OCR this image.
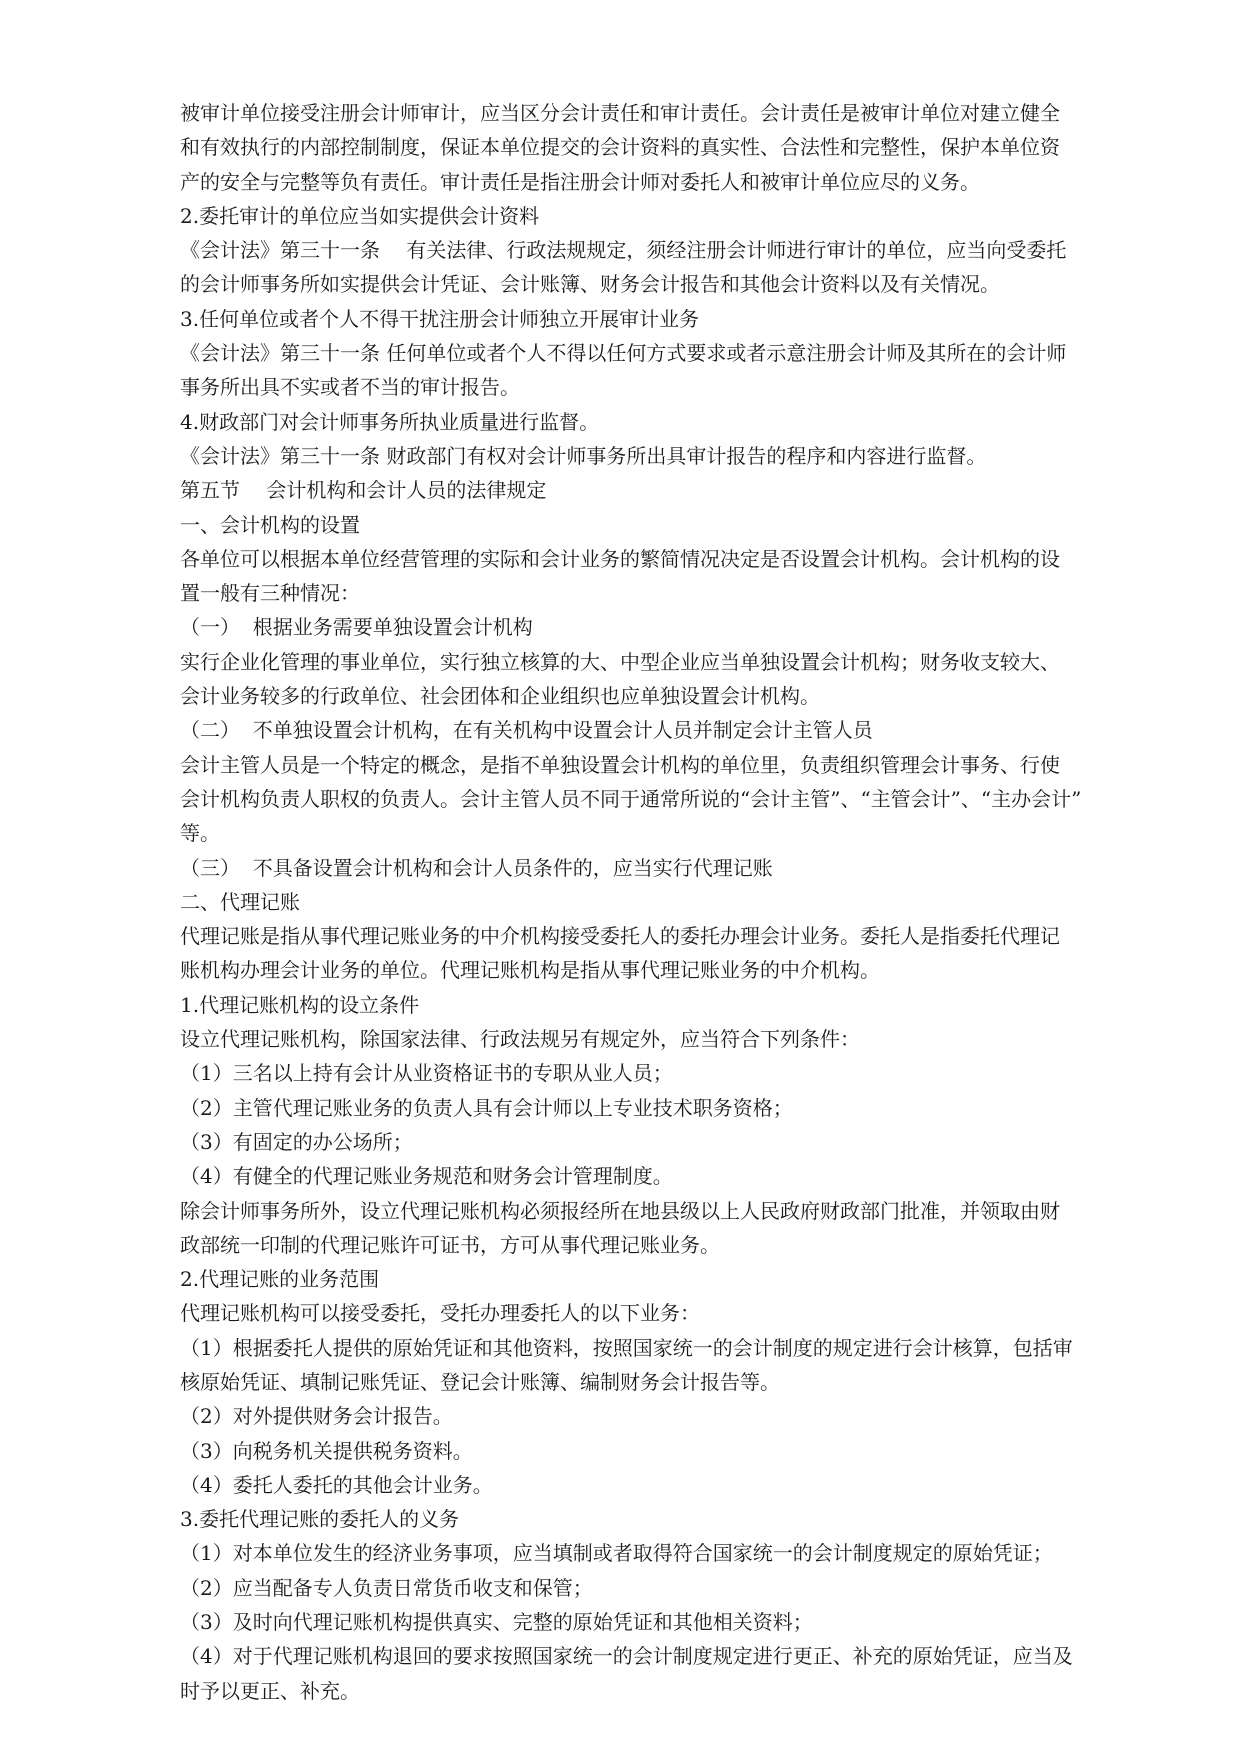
被审计单位接受注册会计师审计，应当区分会计责任和审计责任。会计责任是被审计单位对建立健全
和有效执行的内部控制制度，保证本单位提交的会计资料的真实性、合法性和完整性，保护本单位资
产的安全与完整等负有责任。审计责任是指注册会计师对委托人和被审计单位应尽的义务。
2.委托审计的单位应当如实提供会计资料
《会计法》第三十一条　 有关法律、行政法规规定，须经注册会计师进行审计的单位，应当向受委托
的会计师事务所如实提供会计凭证、会计账簿、财务会计报告和其他会计资料以及有关情况。
3.任何单位或者个人不得干扰注册会计师独立开展审计业务
《会计法》第三十一条 任何单位或者个人不得以任何方式要求或者示意注册会计师及其所在的会计师
事务所出具不实或者不当的审计报告。
4.财政部门对会计师事务所执业质量进行监督。
《会计法》第三十一条 财政部门有权对会计师事务所出具审计报告的程序和内容进行监督。
第五节　 会计机构和会计人员的法律规定
一、会计机构的设置
各单位可以根据本单位经营管理的实际和会计业务的繁简情况决定是否设置会计机构。会计机构的设
置一般有三种情况：
（一）  根据业务需要单独设置会计机构
实行企业化管理的事业单位，实行独立核算的大、中型企业应当单独设置会计机构；财务收支较大、
会计业务较多的行政单位、社会团体和企业组织也应单独设置会计机构。
（二）  不单独设置会计机构，在有关机构中设置会计人员并制定会计主管人员
会计主管人员是一个特定的概念，是指不单独设置会计机构的单位里，负责组织管理会计事务、行使
会计机构负责人职权的负责人。会计主管人员不同于通常所说的“会计主管”、“主管会计”、“主办会计”
等。
（三）  不具备设置会计机构和会计人员条件的，应当实行代理记账
二、代理记账
代理记账是指从事代理记账业务的中介机构接受委托人的委托办理会计业务。委托人是指委托代理记
账机构办理会计业务的单位。代理记账机构是指从事代理记账业务的中介机构。
1.代理记账机构的设立条件
设立代理记账机构，除国家法律、行政法规另有规定外，应当符合下列条件：
（1）三名以上持有会计从业资格证书的专职从业人员；
（2）主管代理记账业务的负责人具有会计师以上专业技术职务资格；
（3）有固定的办公场所；
（4）有健全的代理记账业务规范和财务会计管理制度。
除会计师事务所外，设立代理记账机构必须报经所在地县级以上人民政府财政部门批准，并领取由财
政部统一印制的代理记账许可证书，方可从事代理记账业务。
2.代理记账的业务范围
代理记账机构可以接受委托，受托办理委托人的以下业务：
（1）根据委托人提供的原始凭证和其他资料，按照国家统一的会计制度的规定进行会计核算，包括审
核原始凭证、填制记账凭证、登记会计账簿、编制财务会计报告等。
（2）对外提供财务会计报告。
（3）向税务机关提供税务资料。
（4）委托人委托的其他会计业务。
3.委托代理记账的委托人的义务
（1）对本单位发生的经济业务事项，应当填制或者取得符合国家统一的会计制度规定的原始凭证；
（2）应当配备专人负责日常货币收支和保管；
（3）及时向代理记账机构提供真实、完整的原始凭证和其他相关资料；
（4）对于代理记账机构退回的要求按照国家统一的会计制度规定进行更正、补充的原始凭证，应当及
时予以更正、补充。
